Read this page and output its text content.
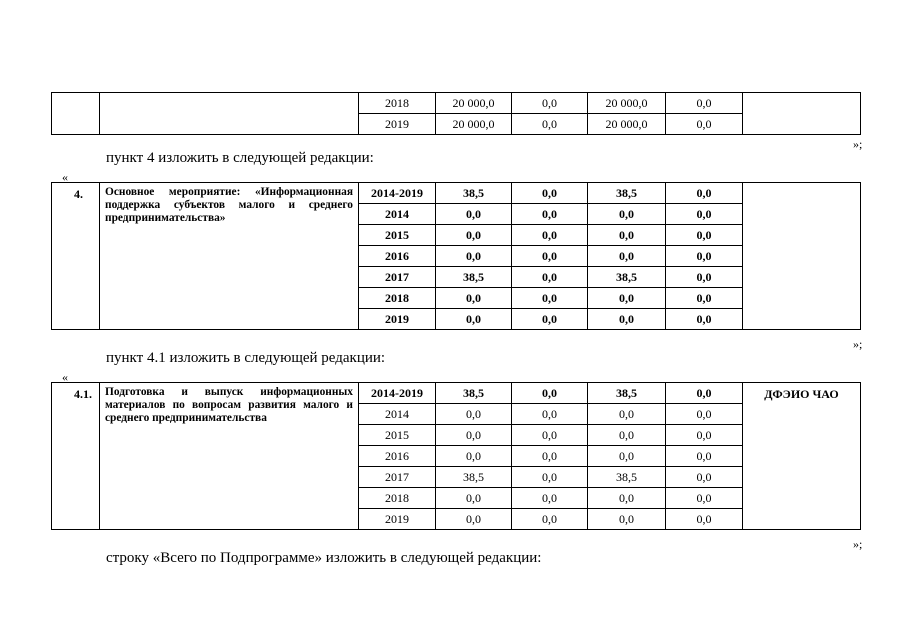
		2018	20 000,0	0,0	20 000,0	0,0	
		2019	20 000,0	0,0	20 000,0	0,0	
»;
пункт 4 изложить в следующей редакции:
«
4.	Основное мероприятие: «Информационная поддержка субъектов малого и среднего предпринимательства»	2014-2019	38,5	0,0	38,5	0,0	
		2014	0,0	0,0	0,0	0,0	
		2015	0,0	0,0	0,0	0,0	
		2016	0,0	0,0	0,0	0,0	
		2017	38,5	0,0	38,5	0,0	
		2018	0,0	0,0	0,0	0,0	
		2019	0,0	0,0	0,0	0,0	
»;
пункт 4.1 изложить в следующей редакции:
«
4.1.	Подготовка и выпуск информационных материалов по вопросам развития малого и среднего предпринимательства	2014-2019	38,5	0,0	38,5	0,0	ДФЭИО ЧАО
		2014	0,0	0,0	0,0	0,0	
		2015	0,0	0,0	0,0	0,0	
		2016	0,0	0,0	0,0	0,0	
		2017	38,5	0,0	38,5	0,0	
		2018	0,0	0,0	0,0	0,0	
		2019	0,0	0,0	0,0	0,0	
»;
строку «Всего по Подпрограмме» изложить в следующей редакции:
